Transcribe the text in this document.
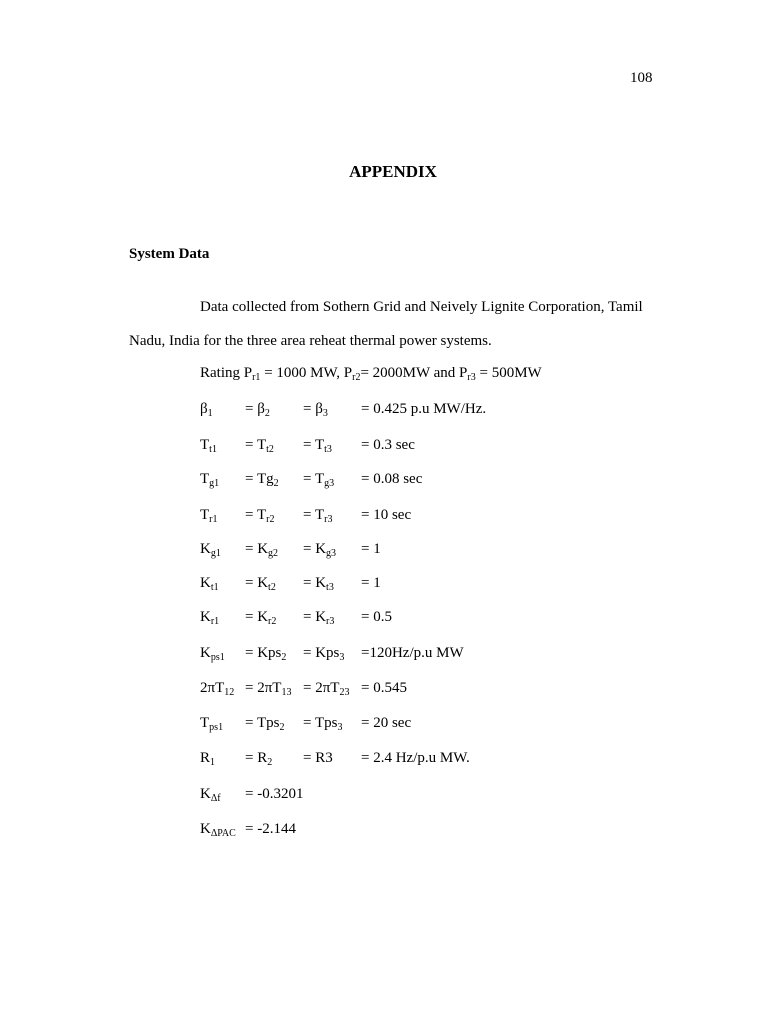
108
APPENDIX
System Data
Data collected from Sothern Grid and Neively Lignite Corporation, Tamil Nadu, India for the three area reheat thermal power systems.
Rating $P_{r1} = 1000$ MW, $P_{r2}= 2000MW$ and $P_{r3} = 500MW$
$\beta_1 = \beta_2 = \beta_3 = 0.425$ p.u MW/Hz.
$T_{t1} = T_{t2} = T_{t3} = 0.3$ sec
$T_{g1} = Tg_2 = T_{g3} = 0.08$ sec
$T_{r1} = T_{r2} = T_{r3} = 10$ sec
$K_{g1} = K_{g2} = K_{g3} = 1$
$K_{t1} = K_{t2} = K_{t3} = 1$
$K_{r1} = K_{r2} = K_{r3} = 0.5$
$K_{ps1} = Kps_2 = Kps_3 =120Hz/p.u$ MW
$2\pi T_{12} = 2\pi T_{13} = 2\pi T_{23} = 0.545$
$T_{ps1} = Tps_2 = Tps_3 = 20$ sec
$R_1 = R_2 = R3 = 2.4$ Hz/p.u MW.
$K_{\Delta f} = -0.3201$
$K_{\Delta PAC} = -2.144$
